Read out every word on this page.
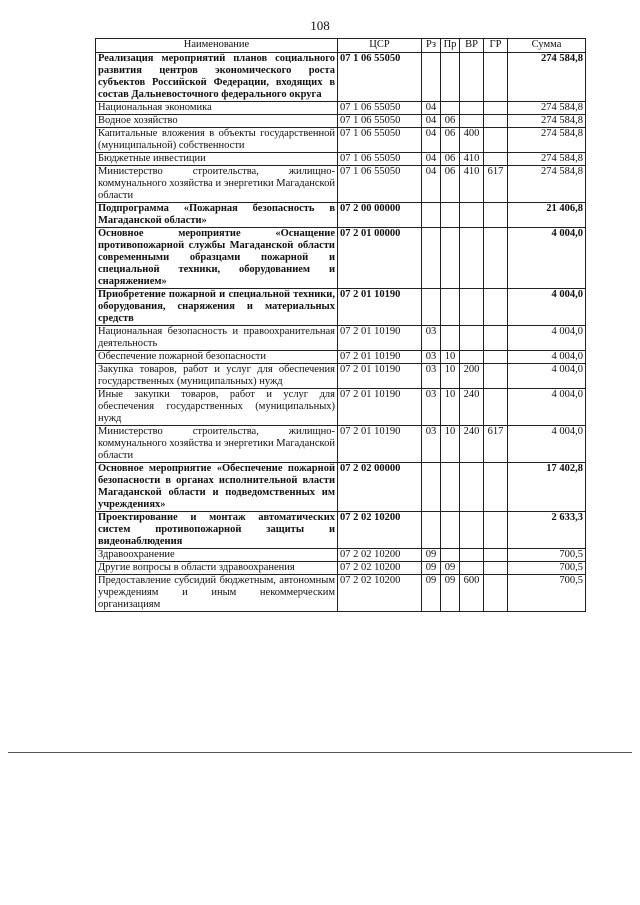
108
Наименование	ЦСР	Рз	Пр	ВР	ГР	Сумма
Реализация мероприятий планов социального развития центров экономического роста субъектов Российской Федерации, входящих в состав Дальневосточного федерального округа	07 1 06 55050					274 584,8
Национальная экономика	07 1 06 55050	04				274 584,8
Водное хозяйство	07 1 06 55050	04	06			274 584,8
Капитальные вложения в объекты государственной (муниципальной) собственности	07 1 06 55050	04	06	400		274 584,8
Бюджетные инвестиции	07 1 06 55050	04	06	410		274 584,8
Министерство строительства, жилищно-коммунального хозяйства и энергетики Магаданской области	07 1 06 55050	04	06	410	617	274 584,8
Подпрограмма «Пожарная безопасность в Магаданской области»	07 2 00 00000					21 406,8
Основное мероприятие «Оснащение противопожарной службы Магаданской области современными образцами пожарной и специальной техники, оборудованием и снаряжением»	07 2 01 00000					4 004,0
Приобретение пожарной и специальной техники, оборудования, снаряжения и материальных средств	07 2 01 10190					4 004,0
Национальная безопасность и правоохранительная деятельность	07 2 01 10190	03				4 004,0
Обеспечение пожарной безопасности	07 2 01 10190	03	10			4 004,0
Закупка товаров, работ и услуг для обеспечения государственных (муниципальных) нужд	07 2 01 10190	03	10	200		4 004,0
Иные закупки товаров, работ и услуг для обеспечения государственных (муниципальных) нужд	07 2 01 10190	03	10	240		4 004,0
Министерство строительства, жилищно-коммунального хозяйства и энергетики Магаданской области	07 2 01 10190	03	10	240	617	4 004,0
Основное мероприятие «Обеспечение пожарной безопасности в органах исполнительной власти Магаданской области и подведомственных им учреждениях»	07 2 02 00000					17 402,8
Проектирование и монтаж автоматических систем противопожарной защиты и видеонаблюдения	07 2 02 10200					2 633,3
Здравоохранение	07 2 02 10200	09				700,5
Другие вопросы в области здравоохранения	07 2 02 10200	09	09			700,5
Предоставление субсидий бюджетным, автономным учреждениям и иным некоммерческим организациям	07 2 02 10200	09	09	600		700,5
